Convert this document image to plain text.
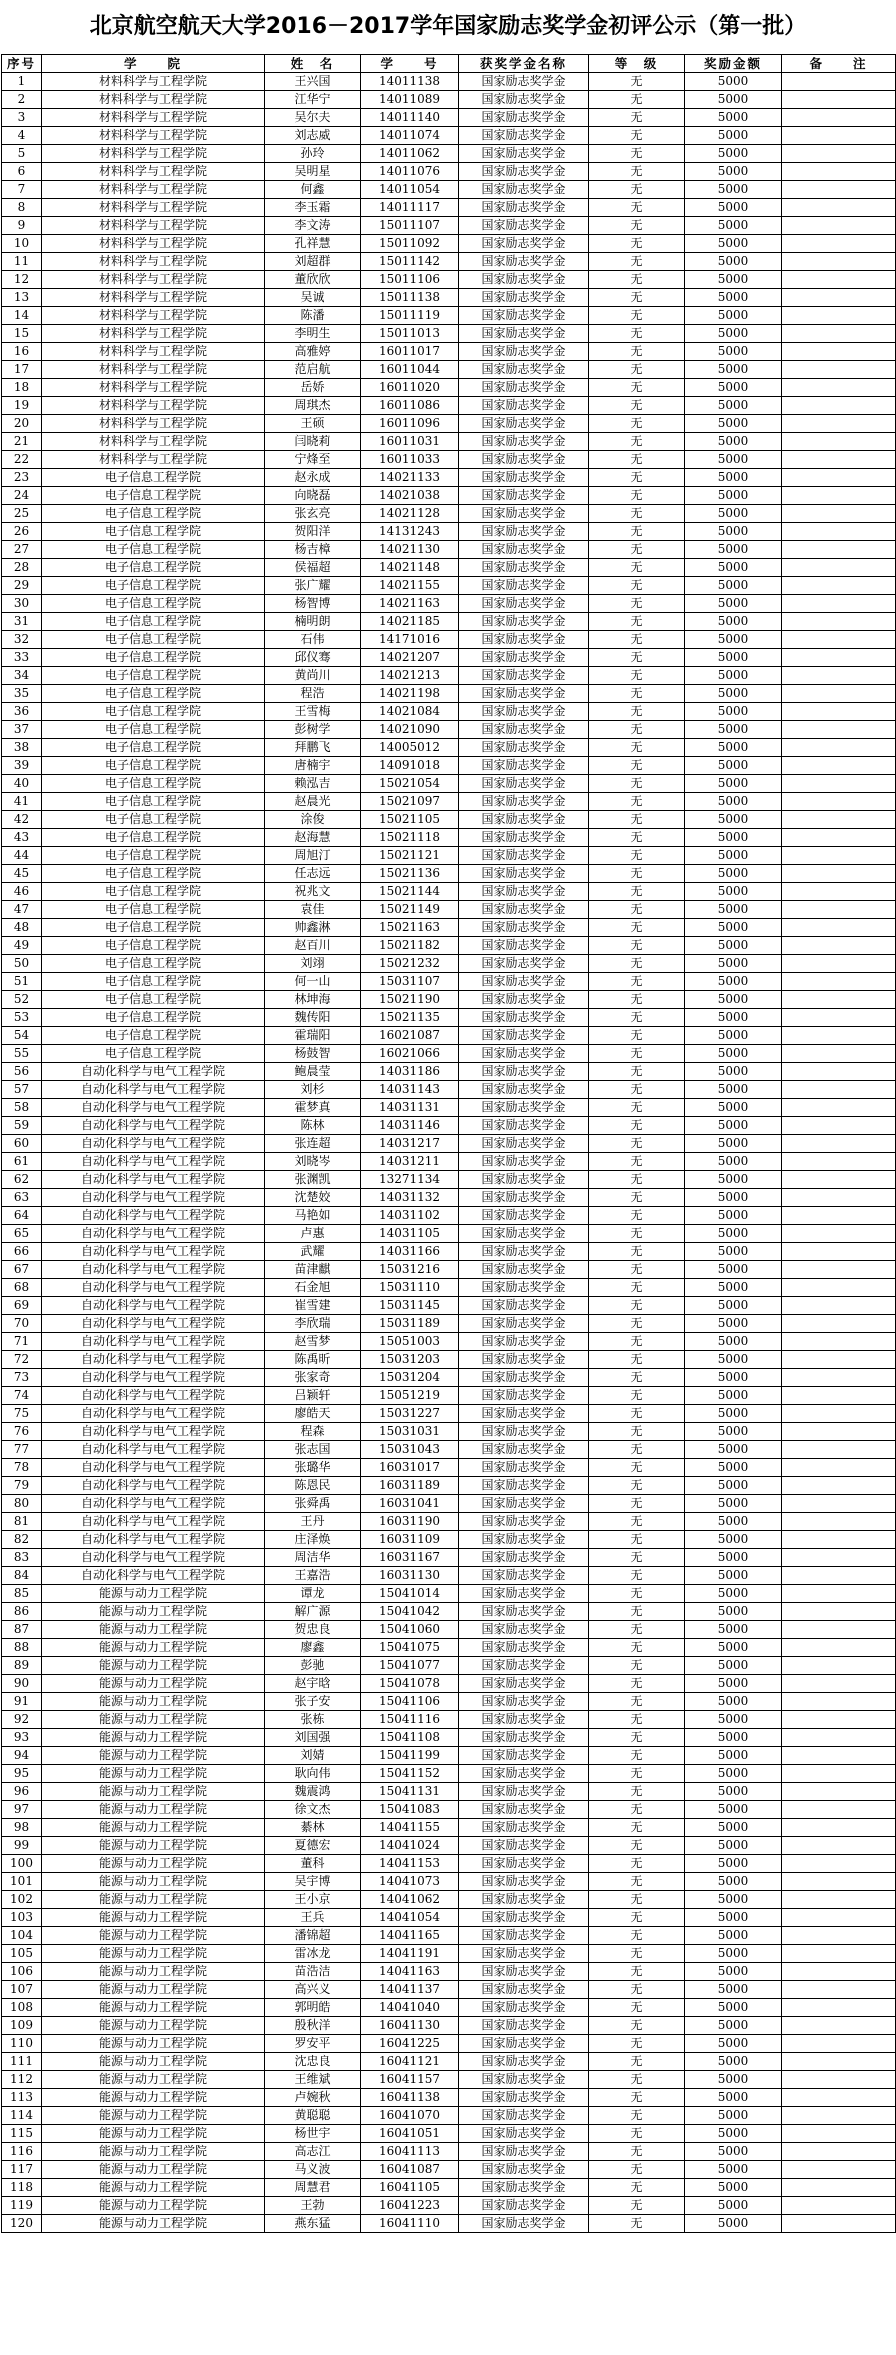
北京航空航天大学2016－2017学年国家励志奖学金初评公示（第一批）
序号	学　　院	姓　名	学　　号	获奖学金名称	等　级	奖励金额	备　　注
1	材料科学与工程学院	王兴国	14011138	国家励志奖学金	无	5000	
2	材料科学与工程学院	江华宁	14011089	国家励志奖学金	无	5000	
3	材料科学与工程学院	吴尔夫	14011140	国家励志奖学金	无	5000	
4	材料科学与工程学院	刘志威	14011074	国家励志奖学金	无	5000	
5	材料科学与工程学院	孙玲	14011062	国家励志奖学金	无	5000	
6	材料科学与工程学院	吴明星	14011076	国家励志奖学金	无	5000	
7	材料科学与工程学院	何鑫	14011054	国家励志奖学金	无	5000	
8	材料科学与工程学院	李玉霜	14011117	国家励志奖学金	无	5000	
9	材料科学与工程学院	李文涛	15011107	国家励志奖学金	无	5000	
10	材料科学与工程学院	孔祥慧	15011092	国家励志奖学金	无	5000	
11	材料科学与工程学院	刘超群	15011142	国家励志奖学金	无	5000	
12	材料科学与工程学院	董欣欣	15011106	国家励志奖学金	无	5000	
13	材料科学与工程学院	吴诚	15011138	国家励志奖学金	无	5000	
14	材料科学与工程学院	陈潘	15011119	国家励志奖学金	无	5000	
15	材料科学与工程学院	李明生	15011013	国家励志奖学金	无	5000	
16	材料科学与工程学院	高雅婷	16011017	国家励志奖学金	无	5000	
17	材料科学与工程学院	范启航	16011044	国家励志奖学金	无	5000	
18	材料科学与工程学院	岳娇	16011020	国家励志奖学金	无	5000	
19	材料科学与工程学院	周琪杰	16011086	国家励志奖学金	无	5000	
20	材料科学与工程学院	王硕	16011096	国家励志奖学金	无	5000	
21	材料科学与工程学院	闫晓莉	16011031	国家励志奖学金	无	5000	
22	材料科学与工程学院	宁烽至	16011033	国家励志奖学金	无	5000	
23	电子信息工程学院	赵永成	14021133	国家励志奖学金	无	5000	
24	电子信息工程学院	向晓磊	14021038	国家励志奖学金	无	5000	
25	电子信息工程学院	张玄亮	14021128	国家励志奖学金	无	5000	
26	电子信息工程学院	贺阳洋	14131243	国家励志奖学金	无	5000	
27	电子信息工程学院	杨吉樟	14021130	国家励志奖学金	无	5000	
28	电子信息工程学院	侯福超	14021148	国家励志奖学金	无	5000	
29	电子信息工程学院	张广耀	14021155	国家励志奖学金	无	5000	
30	电子信息工程学院	杨智博	14021163	国家励志奖学金	无	5000	
31	电子信息工程学院	楠明朗	14021185	国家励志奖学金	无	5000	
32	电子信息工程学院	石伟	14171016	国家励志奖学金	无	5000	
33	电子信息工程学院	邱仪骞	14021207	国家励志奖学金	无	5000	
34	电子信息工程学院	黄尚川	14021213	国家励志奖学金	无	5000	
35	电子信息工程学院	程浩	14021198	国家励志奖学金	无	5000	
36	电子信息工程学院	王雪梅	14021084	国家励志奖学金	无	5000	
37	电子信息工程学院	彭树学	14021090	国家励志奖学金	无	5000	
38	电子信息工程学院	拜鹏飞	14005012	国家励志奖学金	无	5000	
39	电子信息工程学院	唐楠宇	14091018	国家励志奖学金	无	5000	
40	电子信息工程学院	赖泓吉	15021054	国家励志奖学金	无	5000	
41	电子信息工程学院	赵晨光	15021097	国家励志奖学金	无	5000	
42	电子信息工程学院	涂俊	15021105	国家励志奖学金	无	5000	
43	电子信息工程学院	赵海慧	15021118	国家励志奖学金	无	5000	
44	电子信息工程学院	周旭汀	15021121	国家励志奖学金	无	5000	
45	电子信息工程学院	任志远	15021136	国家励志奖学金	无	5000	
46	电子信息工程学院	祝兆文	15021144	国家励志奖学金	无	5000	
47	电子信息工程学院	袁佳	15021149	国家励志奖学金	无	5000	
48	电子信息工程学院	帅鑫淋	15021163	国家励志奖学金	无	5000	
49	电子信息工程学院	赵百川	15021182	国家励志奖学金	无	5000	
50	电子信息工程学院	刘翊	15021232	国家励志奖学金	无	5000	
51	电子信息工程学院	何一山	15031107	国家励志奖学金	无	5000	
52	电子信息工程学院	林坤海	15021190	国家励志奖学金	无	5000	
53	电子信息工程学院	魏传阳	15021135	国家励志奖学金	无	5000	
54	电子信息工程学院	霍瑞阳	16021087	国家励志奖学金	无	5000	
55	电子信息工程学院	杨鼓智	16021066	国家励志奖学金	无	5000	
56	自动化科学与电气工程学院	鲍晨莹	14031186	国家励志奖学金	无	5000	
57	自动化科学与电气工程学院	刘杉	14031143	国家励志奖学金	无	5000	
58	自动化科学与电气工程学院	霍梦真	14031131	国家励志奖学金	无	5000	
59	自动化科学与电气工程学院	陈林	14031146	国家励志奖学金	无	5000	
60	自动化科学与电气工程学院	张连超	14031217	国家励志奖学金	无	5000	
61	自动化科学与电气工程学院	刘晓岑	14031211	国家励志奖学金	无	5000	
62	自动化科学与电气工程学院	张渊凯	13271134	国家励志奖学金	无	5000	
63	自动化科学与电气工程学院	沈楚姣	14031132	国家励志奖学金	无	5000	
64	自动化科学与电气工程学院	马艳如	14031102	国家励志奖学金	无	5000	
65	自动化科学与电气工程学院	卢惠	14031105	国家励志奖学金	无	5000	
66	自动化科学与电气工程学院	武耀	14031166	国家励志奖学金	无	5000	
67	自动化科学与电气工程学院	苗津麒	15031216	国家励志奖学金	无	5000	
68	自动化科学与电气工程学院	石金旭	15031110	国家励志奖学金	无	5000	
69	自动化科学与电气工程学院	崔雪建	15031145	国家励志奖学金	无	5000	
70	自动化科学与电气工程学院	李欣瑞	15031189	国家励志奖学金	无	5000	
71	自动化科学与电气工程学院	赵雪梦	15051003	国家励志奖学金	无	5000	
72	自动化科学与电气工程学院	陈禹昕	15031203	国家励志奖学金	无	5000	
73	自动化科学与电气工程学院	张家奇	15031204	国家励志奖学金	无	5000	
74	自动化科学与电气工程学院	吕颖轩	15051219	国家励志奖学金	无	5000	
75	自动化科学与电气工程学院	廖皓天	15031227	国家励志奖学金	无	5000	
76	自动化科学与电气工程学院	程森	15031031	国家励志奖学金	无	5000	
77	自动化科学与电气工程学院	张志国	15031043	国家励志奖学金	无	5000	
78	自动化科学与电气工程学院	张璐华	16031017	国家励志奖学金	无	5000	
79	自动化科学与电气工程学院	陈恩民	16031189	国家励志奖学金	无	5000	
80	自动化科学与电气工程学院	张舜禹	16031041	国家励志奖学金	无	5000	
81	自动化科学与电气工程学院	王丹	16031190	国家励志奖学金	无	5000	
82	自动化科学与电气工程学院	庄泽焕	16031109	国家励志奖学金	无	5000	
83	自动化科学与电气工程学院	周洁华	16031167	国家励志奖学金	无	5000	
84	自动化科学与电气工程学院	王嘉浩	16031130	国家励志奖学金	无	5000	
85	能源与动力工程学院	谭龙	15041014	国家励志奖学金	无	5000	
86	能源与动力工程学院	解广源	15041042	国家励志奖学金	无	5000	
87	能源与动力工程学院	贺忠良	15041060	国家励志奖学金	无	5000	
88	能源与动力工程学院	廖鑫	15041075	国家励志奖学金	无	5000	
89	能源与动力工程学院	彭驰	15041077	国家励志奖学金	无	5000	
90	能源与动力工程学院	赵宇晗	15041078	国家励志奖学金	无	5000	
91	能源与动力工程学院	张子安	15041106	国家励志奖学金	无	5000	
92	能源与动力工程学院	张栋	15041116	国家励志奖学金	无	5000	
93	能源与动力工程学院	刘国强	15041108	国家励志奖学金	无	5000	
94	能源与动力工程学院	刘婧	15041199	国家励志奖学金	无	5000	
95	能源与动力工程学院	耿向伟	15041152	国家励志奖学金	无	5000	
96	能源与动力工程学院	魏震鸿	15041131	国家励志奖学金	无	5000	
97	能源与动力工程学院	徐文杰	15041083	国家励志奖学金	无	5000	
98	能源与动力工程学院	綦林	14041155	国家励志奖学金	无	5000	
99	能源与动力工程学院	夏德宏	14041024	国家励志奖学金	无	5000	
100	能源与动力工程学院	董科	14041153	国家励志奖学金	无	5000	
101	能源与动力工程学院	吴宇博	14041073	国家励志奖学金	无	5000	
102	能源与动力工程学院	王小京	14041062	国家励志奖学金	无	5000	
103	能源与动力工程学院	王兵	14041054	国家励志奖学金	无	5000	
104	能源与动力工程学院	潘锦超	14041165	国家励志奖学金	无	5000	
105	能源与动力工程学院	雷冰龙	14041191	国家励志奖学金	无	5000	
106	能源与动力工程学院	苗浩洁	14041163	国家励志奖学金	无	5000	
107	能源与动力工程学院	高兴义	14041137	国家励志奖学金	无	5000	
108	能源与动力工程学院	郭明皓	14041040	国家励志奖学金	无	5000	
109	能源与动力工程学院	殷秋洋	16041130	国家励志奖学金	无	5000	
110	能源与动力工程学院	罗安平	16041225	国家励志奖学金	无	5000	
111	能源与动力工程学院	沈忠良	16041121	国家励志奖学金	无	5000	
112	能源与动力工程学院	王维斌	16041157	国家励志奖学金	无	5000	
113	能源与动力工程学院	卢婉秋	16041138	国家励志奖学金	无	5000	
114	能源与动力工程学院	黄聪聪	16041070	国家励志奖学金	无	5000	
115	能源与动力工程学院	杨世宇	16041051	国家励志奖学金	无	5000	
116	能源与动力工程学院	高志江	16041113	国家励志奖学金	无	5000	
117	能源与动力工程学院	马义波	16041087	国家励志奖学金	无	5000	
118	能源与动力工程学院	周慧君	16041105	国家励志奖学金	无	5000	
119	能源与动力工程学院	王勃	16041223	国家励志奖学金	无	5000	
120	能源与动力工程学院	燕东猛	16041110	国家励志奖学金	无	5000	
